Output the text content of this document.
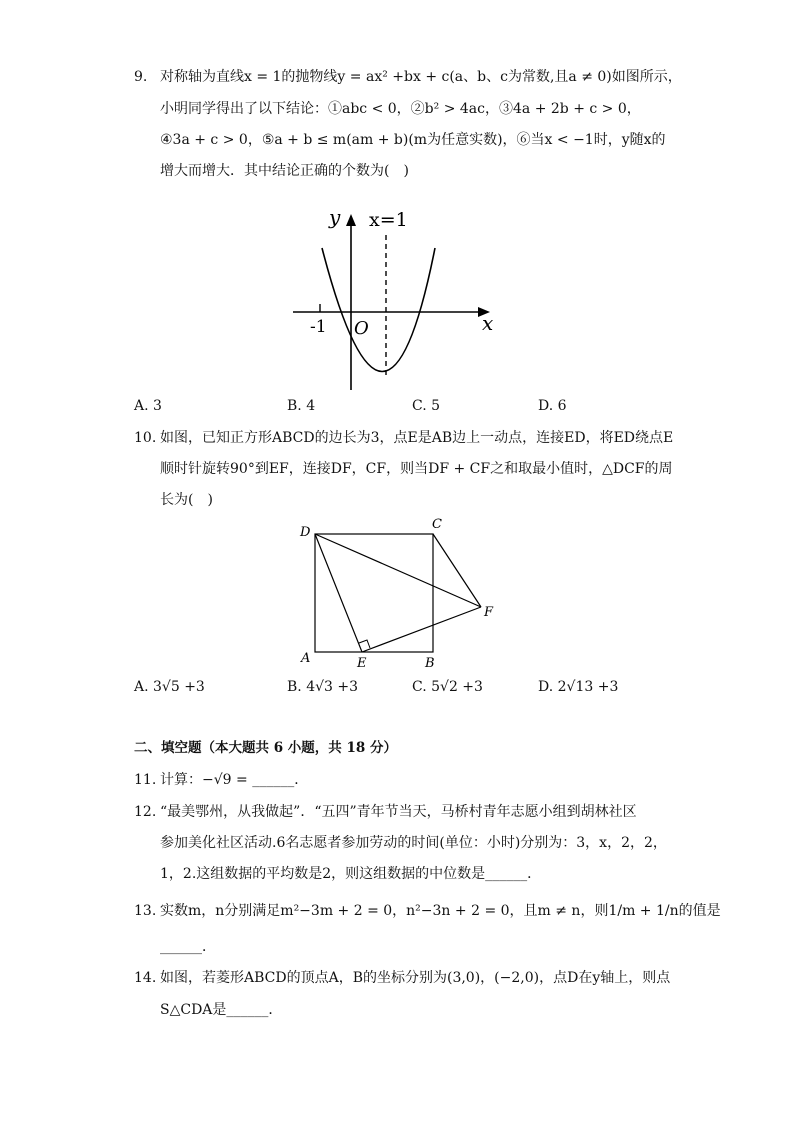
9. 对称轴为直线x = 1的抛物线y = ax² +bx + c(a、b、c为常数,且a ≠ 0)如图所示，
小明同学得出了以下结论：①abc < 0，②b² > 4ac，③4a + 2b + c > 0，
④3a + c > 0，⑤a + b ≤ m(am + b)(m为任意实数)，⑥当x < −1时，y随x的
增大而增大．其中结论正确的个数为(　)
y
x
x=1
-1 O
A. 3	B. 4	C. 5	D. 6
10. 如图，已知正方形ABCD的边长为3，点E是AB边上一动点，连接ED，将ED绕点E
顺时针旋转90°到EF，连接DF，CF，则当DF + CF之和取最小值时，△DCF的周
长为(　)
D
C
A	E	B
F
A. 3√5 +3	B. 4√3 +3	C. 5√2 +3	D. 2√13 +3
二、填空题（本大题共 6 小题，共 18 分）
11. 计算：−√9 = ______．
12. “最美鄂州，从我做起”．“五四”青年节当天，马桥村青年志愿小组到胡林社区
参加美化社区活动.6名志愿者参加劳动的时间(单位：小时)分别为：3，x，2，2，
1，2.这组数据的平均数是2，则这组数据的中位数是______．
13. 实数m，n分别满足m²−3m + 2 = 0，n²−3n + 2 = 0，且m ≠ n，则1/m + 1/n的值是
______．
14. 如图，若菱形ABCD的顶点A，B的坐标分别为(3,0)，(−2,0)，点D在y轴上，则点
S△CDA是______．
